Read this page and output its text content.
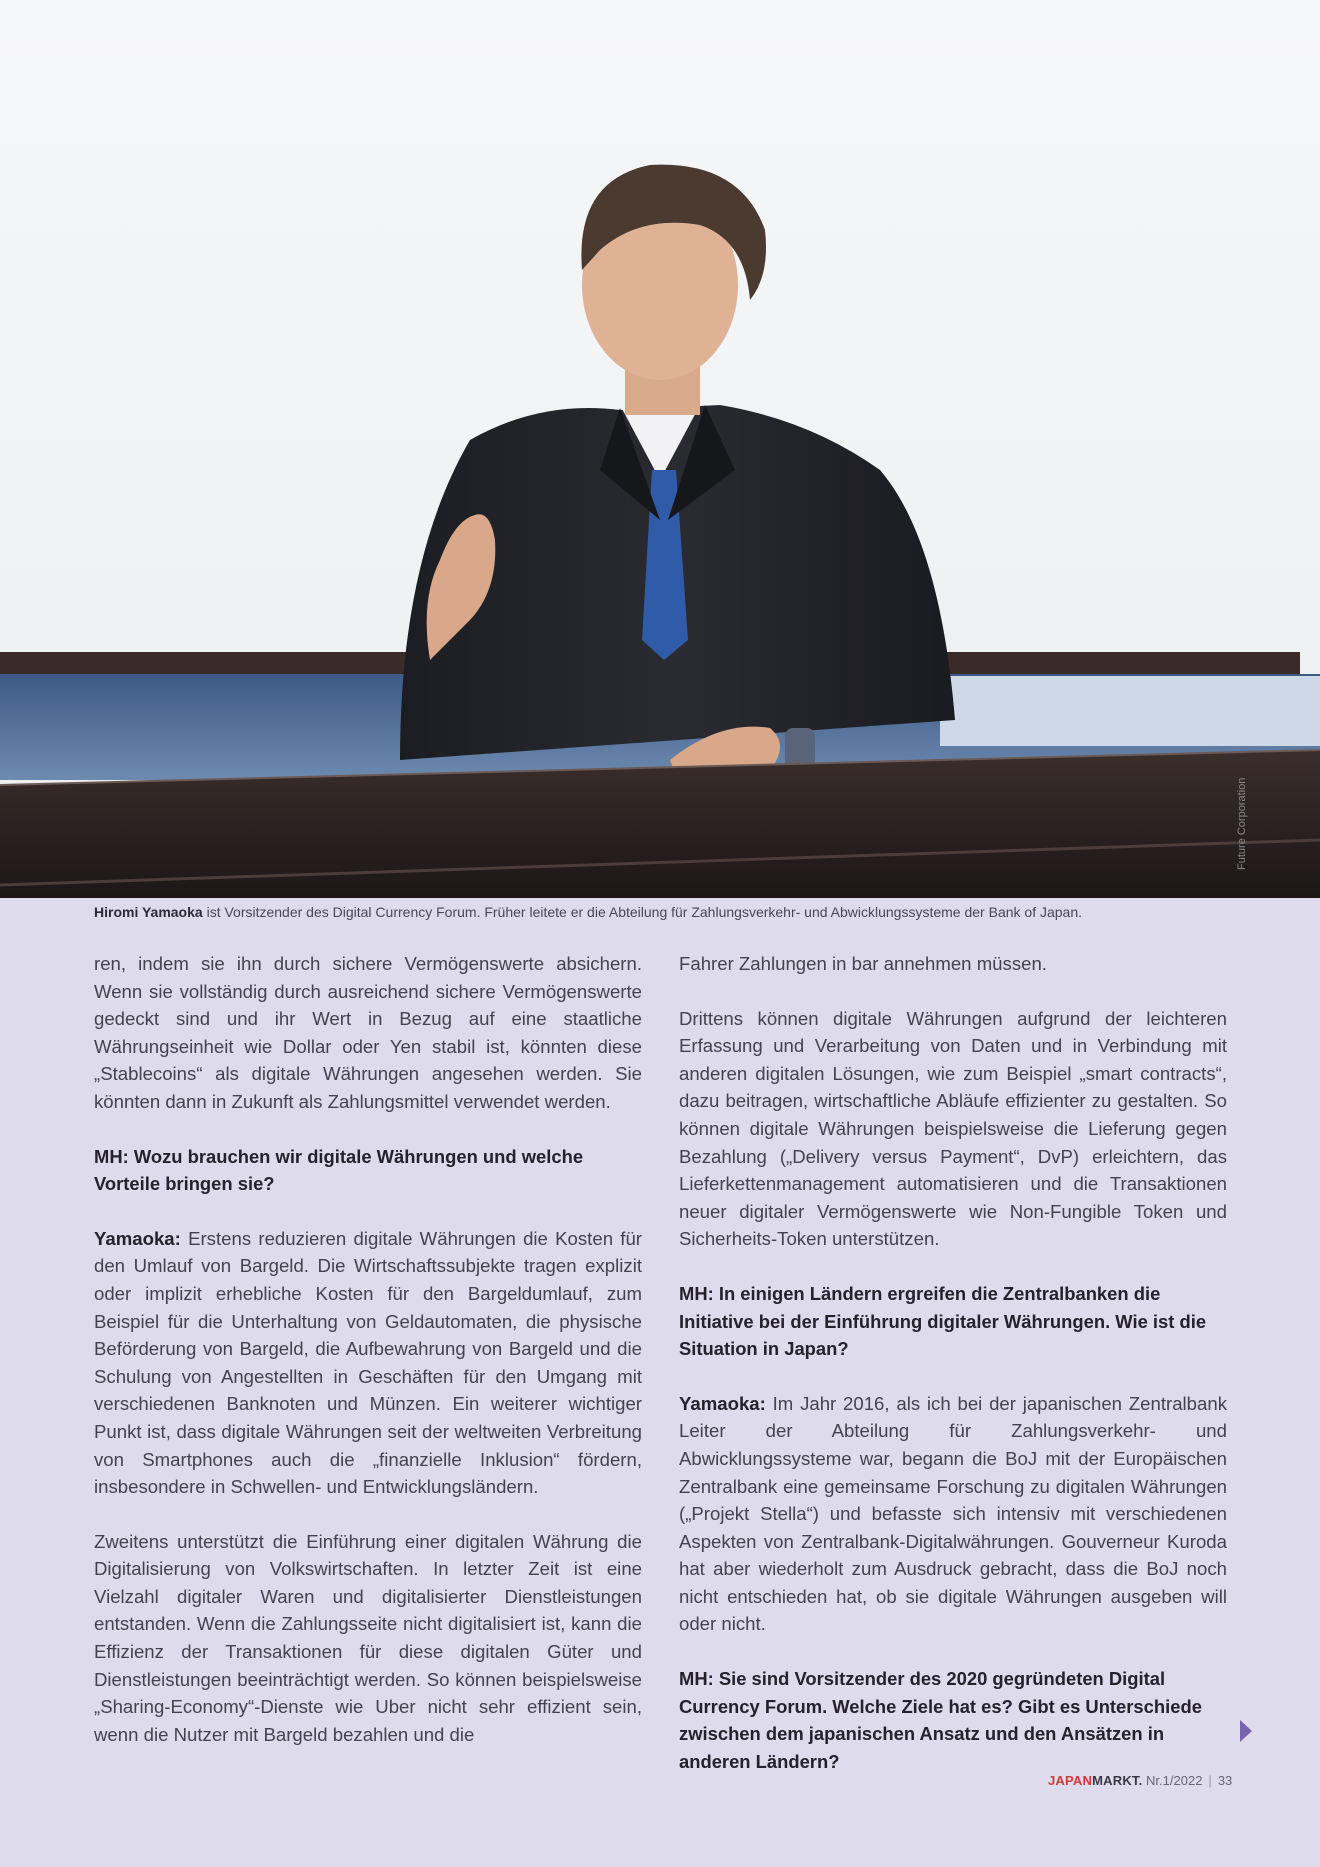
Future Corporation
Hiromi Yamaoka ist Vorsitzender des Digital Currency Forum. Früher leitete er die Abteilung für Zahlungsverkehr- und Abwicklungssysteme der Bank of Japan.

ren, indem sie ihn durch sichere Vermögenswerte absichern. Wenn sie vollständig durch ausreichend sichere Vermögenswerte gedeckt sind und ihr Wert in Bezug auf eine staatliche Währungseinheit wie Dollar oder Yen stabil ist, könnten diese „Stablecoins“ als digitale Währungen angesehen werden. Sie könnten dann in Zukunft als Zahlungsmittel verwendet werden.

MH: Wozu brauchen wir digitale Währungen und welche Vorteile bringen sie?

Yamaoka: Erstens reduzieren digitale Währungen die Kosten für den Umlauf von Bargeld. Die Wirtschaftssubjekte tragen explizit oder implizit erhebliche Kosten für den Bargeldumlauf, zum Beispiel für die Unterhaltung von Geldautomaten, die physische Beförderung von Bargeld, die Aufbewahrung von Bargeld und die Schulung von Angestellten in Geschäften für den Umgang mit verschiedenen Banknoten und Münzen. Ein weiterer wichtiger Punkt ist, dass digitale Währungen seit der weltweiten Verbreitung von Smartphones auch die „finanzielle Inklusion“ fördern, insbesondere in Schwellen- und Entwicklungsländern.

Zweitens unterstützt die Einführung einer digitalen Währung die Digitalisierung von Volkswirtschaften. In letzter Zeit ist eine Vielzahl digitaler Waren und digitalisierter Dienstleistungen entstanden. Wenn die Zahlungsseite nicht digitalisiert ist, kann die Effizienz der Transaktionen für diese digitalen Güter und Dienstleistungen beeinträchtigt werden. So können beispielsweise „Sharing-Economy“-Dienste wie Uber nicht sehr effizient sein, wenn die Nutzer mit Bargeld bezahlen und die

Fahrer Zahlungen in bar annehmen müssen.

Drittens können digitale Währungen aufgrund der leichteren Erfassung und Verarbeitung von Daten und in Verbindung mit anderen digitalen Lösungen, wie zum Beispiel „smart contracts“, dazu beitragen, wirtschaftliche Abläufe effizienter zu gestalten. So können digitale Währungen beispielsweise die Lieferung gegen Bezahlung („Delivery versus Payment“, DvP) erleichtern, das Lieferkettenmanagement automatisieren und die Transaktionen neuer digitaler Vermögenswerte wie Non-Fungible Token und Sicherheits-Token unterstützen.

MH: In einigen Ländern ergreifen die Zentralbanken die Initiative bei der Einführung digitaler Währungen. Wie ist die Situation in Japan?

Yamaoka: Im Jahr 2016, als ich bei der japanischen Zentralbank Leiter der Abteilung für Zahlungsverkehr- und Abwicklungssysteme war, begann die BoJ mit der Europäischen Zentralbank eine gemeinsame Forschung zu digitalen Währungen („Projekt Stella“) und befasste sich intensiv mit verschiedenen Aspekten von Zentralbank-Digitalwährungen. Gouverneur Kuroda hat aber wiederholt zum Ausdruck gebracht, dass die BoJ noch nicht entschieden hat, ob sie digitale Währungen ausgeben will oder nicht.

MH: Sie sind Vorsitzender des 2020 gegründeten Digital Currency Forum. Welche Ziele hat es? Gibt es Unterschiede zwischen dem japanischen Ansatz und den Ansätzen in anderen Ländern?

JAPANMARKT. Nr.1/2022 | 33
